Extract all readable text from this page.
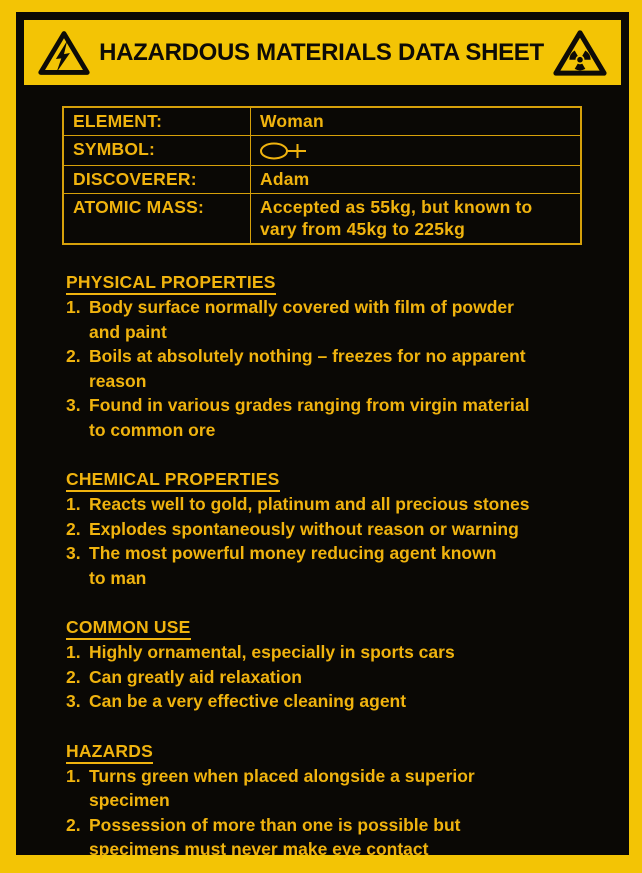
HAZARDOUS MATERIALS DATA SHEET
ELEMENT:	Woman
SYMBOL:	

DISCOVERER:	Adam
ATOMIC MASS:	Accepted as 55kg, but known to
vary from 45kg to 225kg
PHYSICAL PROPERTIES
1. Body surface normally covered with film of powder
and paint
2. Boils at absolutely nothing – freezes for no apparent
reason
3. Found in various grades ranging from virgin material
to common ore
CHEMICAL PROPERTIES
1. Reacts well to gold, platinum and all precious stones
2. Explodes spontaneously without reason or warning
3. The most powerful money reducing agent known
to man
COMMON USE
1. Highly ornamental, especially in sports cars
2. Can greatly aid relaxation
3. Can be a very effective cleaning agent
HAZARDS
1. Turns green when placed alongside a superior
specimen
2. Possession of more than one is possible but
specimens must never make eye contact
